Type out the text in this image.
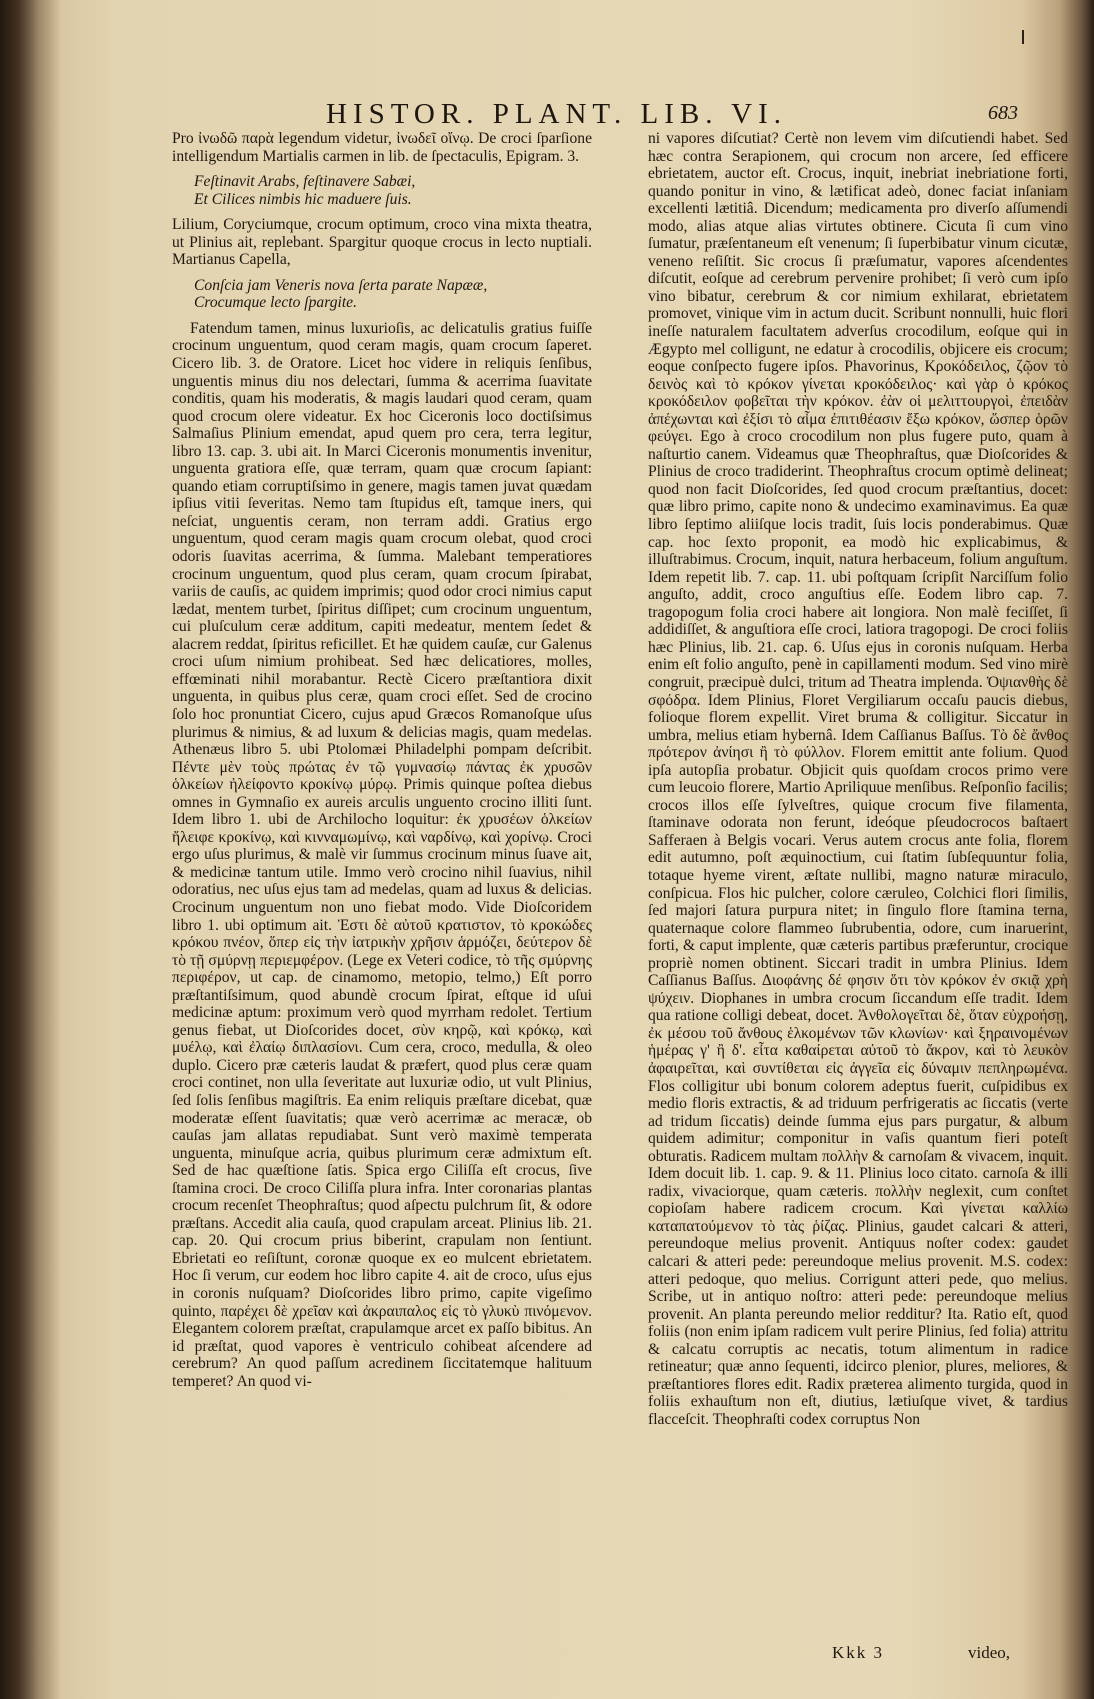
HISTOR. PLANT. LIB. VI.	683

Pro ἰνωδῶ παρὰ legendum videtur, ἰνωδεῖ οἴνῳ. De croci ſparſione intelligendum Martialis carmen in lib. de ſpectaculis, Epigram. 3.

Feſtinavit Arabs, feſtinavere Sabæi,
Et Cilices nimbis hic maduere ſuis.

Lilium, Coryciumque, crocum optimum, croco vina mixta theatra, ut Plinius ait, replebant. Spargitur quoque crocus in lecto nuptiali. Martianus Capella,

Conſcia jam Veneris nova ſerta parate Napææ,
Crocumque lecto ſpargite.

Fatendum tamen, minus luxurioſis, ac delicatulis gratius fuiſſe crocinum unguentum, quod ceram magis, quam crocum ſaperet. Cicero lib. 3. de Oratore. Licet hoc videre in reliquis ſenſibus, unguentis minus diu nos delectari, ſumma & acerrima ſuavitate conditis, quam his moderatis, & magis laudari quod ceram, quam quod crocum olere videatur. Ex hoc Ciceronis loco doctiſsimus Salmaſius Plinium emendat, apud quem pro cera, terra legitur, libro 13. cap. 3. ubi ait. In Marci Ciceronis monumentis invenitur, unguenta gratiora eſſe, quæ terram, quam quæ crocum ſapiant: quando etiam corruptiſsimo in genere, magis tamen juvat quædam ipſius vitii ſeveritas. Nemo tam ſtupidus eſt, tamque iners, qui neſciat, unguentis ceram, non terram addi. Gratius ergo unguentum, quod ceram magis quam crocum olebat, quod croci odoris ſuavitas acerrima, & ſumma. Malebant temperatiores crocinum unguentum, quod plus ceram, quam crocum ſpirabat, variis de cauſis, ac quidem imprimis; quod odor croci nimius caput lædat, mentem turbet, ſpiritus diſſipet; cum crocinum unguentum, cui pluſculum ceræ additum, capiti medeatur, mentem ſedet & alacrem reddat, ſpiritus reficillet. Et hæ quidem cauſæ, cur Galenus croci uſum nimium prohibeat. Sed hæc delicatiores, molles, effœminati nihil morabantur. Rectè Cicero præſtantiora dixit unguenta, in quibus plus ceræ, quam croci eſſet. Sed de crocino ſolo hoc pronuntiat Cicero, cujus apud Græcos Romanoſque uſus plurimus & nimius, & ad luxum & delicias magis, quam medelas. Athenæus libro 5. ubi Ptolomæi Philadelphi pompam deſcribit. Πέντε μὲν τοὺς πρώτας ἐν τῷ γυμνασίῳ πάντας ἐκ χρυσῶν ὁλκείων ἠλείφοντο κροκίνῳ μύρῳ. Primis quinque poſtea diebus omnes in Gymnaſio ex aureis arculis unguento crocino illiti ſunt. Idem libro 1. ubi de Archilocho loquitur: ἐκ χρυσέων ὁλκείων ἤλειφε κροκίνῳ, καὶ κινναμωμίνῳ, καὶ ναρδίνῳ, καὶ χορίνῳ. Croci ergo uſus plurimus, & malè vir ſummus crocinum minus ſuave ait, & medicinæ tantum utile. Immo verò crocino nihil ſuavius, nihil odoratius, nec uſus ejus tam ad medelas, quam ad luxus & delicias. Crocinum unguentum non uno fiebat modo. Vide Dioſcoridem libro 1. ubi optimum ait. Ἐστι δὲ αὐτοῦ κρατιστον, τὸ κροκώδες κρόκου πνέον, ὅπερ εἰς τὴν ἰατρικὴν χρῆσιν ἁρμόζει, δεύτερον δὲ τὸ τῇ σμύρνῃ περιεμφέρον. (Lege ex Veteri codice, τὸ τῆς σμύρνης περιφέρον, ut cap. de cinamomo, metopio, telmo,) Eſt porro præſtantiſsimum, quod abundè crocum ſpirat, eſtque id uſui medicinæ aptum: proximum verò quod myrrham redolet. Tertium genus fiebat, ut Dioſcorides docet, σὺν κηρῷ, καὶ κρόκῳ, καὶ μυέλῳ, καὶ ἐλαίῳ διπλασίονι. Cum cera, croco, medulla, & oleo duplo. Cicero præ cæteris laudat & præfert, quod plus ceræ quam croci continet, non ulla ſeveritate aut luxuriæ odio, ut vult Plinius, ſed ſolis ſenſibus magiſtris. Ea enim reliquis præſtare dicebat, quæ moderatæ eſſent ſuavitatis; quæ verò acerrimæ ac meracæ, ob cauſas jam allatas repudiabat. Sunt verò maximè temperata unguenta, minuſque acria, quibus plurimum ceræ admixtum eſt. Sed de hac quæſtione ſatis. Spica ergo Ciliſſa eſt crocus, ſive ſtamina croci. De croco Ciliſſa plura infra. Inter coronarias plantas crocum recenſet Theophraſtus; quod aſpectu pulchrum ſit, & odore præſtans. Accedit alia cauſa, quod crapulam arceat. Plinius lib. 21. cap. 20. Qui crocum prius biberint, crapulam non ſentiunt. Ebrietati eo reſiſtunt, coronæ quoque ex eo mulcent ebrietatem. Hoc ſi verum, cur eodem hoc libro capite 4. ait de croco, uſus ejus in coronis nuſquam? Dioſcorides libro primo, capite vigeſimo quinto, παρέχει δὲ χρεῖαν καὶ ἀκραιπαλος εἰς τὸ γλυκὺ πινόμενον. Elegantem colorem præſtat, crapulamque arcet ex paſſo bibitus. An id præſtat, quod vapores è ventriculo cohibeat aſcendere ad cerebrum? An quod paſſum acredinem ſiccitatemque halituum temperet? An quod vi-

ni vapores diſcutiat? Certè non levem vim diſcutiendi habet. Sed hæc contra Serapionem, qui crocum non arcere, ſed efficere ebrietatem, auctor eſt. Crocus, inquit, inebriat inebriatione forti, quando ponitur in vino, & lætificat adeò, donec faciat inſaniam excellenti lætitiâ. Dicendum; medicamenta pro diverſo aſſumendi modo, alias atque alias virtutes obtinere. Cicuta ſi cum vino ſumatur, præſentaneum eſt venenum; ſi ſuperbibatur vinum cicutæ, veneno reſiſtit. Sic crocus ſi præſumatur, vapores aſcendentes diſcutit, eoſque ad cerebrum pervenire prohibet; ſi verò cum ipſo vino bibatur, cerebrum & cor nimium exhilarat, ebrietatem promovet, vinique vim in actum ducit. Scribunt nonnulli, huic flori ineſſe naturalem facultatem adverſus crocodilum, eoſque qui in Ægypto mel colligunt, ne edatur à crocodilis, objicere eis crocum; eoque conſpecto fugere ipſos. Phavorinus, Κροκόδειλος, ζῷον τὸ δεινὸς καὶ τὸ κρόκον γίνεται κροκόδειλος· καὶ γὰρ ὁ κρόκος κροκόδειλον φοβεῖται τὴν κρόκον. ἐὰν οἱ μελιττουργοὶ, ἐπειδὰν ἀπέχωνται καὶ ἐξίσι τὸ αἷμα ἐπιτιθέασιν ἔξω κρόκον, ὥσπερ ὁρῶν φεύγει. Ego à croco crocodilum non plus fugere puto, quam à naſturtio canem. Videamus quæ Theophraſtus, quæ Dioſcorides & Plinius de croco tradiderint. Theophraſtus crocum optimè delineat; quod non facit Dioſcorides, ſed quod crocum præſtantius, docet: quæ libro primo, capite nono & undecimo examinavimus. Ea quæ libro ſeptimo aliiſque locis tradit, ſuis locis ponderabimus. Quæ cap. hoc ſexto proponit, ea modò hic explicabimus, & illuſtrabimus. Crocum, inquit, natura herbaceum, folium anguſtum. Idem repetit lib. 7. cap. 11. ubi poſtquam ſcripſit Narciſſum folio anguſto, addit, croco anguſtius eſſe. Eodem libro cap. 7. tragopogum folia croci habere ait longiora. Non malè feciſſet, ſi addidiſſet, & anguſtiora eſſe croci, latiora tragopogi. De croci foliis hæc Plinius, lib. 21. cap. 6. Uſus ejus in coronis nuſquam. Herba enim eſt folio anguſto, penè in capillamenti modum. Sed vino mirè congruit, præcipuè dulci, tritum ad Theatra implenda. Ὀψιανθὴς δὲ σφόδρα. Idem Plinius, Floret Vergiliarum occaſu paucis diebus, folioque florem expellit. Viret bruma & colligitur. Siccatur in umbra, melius etiam hybernâ. Idem Caſſianus Baſſus. Τὸ δὲ ἄνθος πρότερον ἀνίησι ἢ τὸ φύλλον. Florem emittit ante folium. Quod ipſa autopſia probatur. Objicit quis quoſdam crocos primo vere cum leucoio florere, Martio Apriliquue menſibus. Reſponſio facilis; crocos illos eſſe ſylveſtres, quique crocum five filamenta, ſtaminave odorata non ferunt, ideóque pſeudocrocos baſtaert Safferaen à Belgis vocari. Verus autem crocus ante folia, florem edit autumno, poſt æquinoctium, cui ſtatim ſubſequuntur folia, totaque hyeme virent, æſtate nullibi, magno naturæ miraculo, conſpicua. Flos hic pulcher, colore cæruleo, Colchici flori ſimilis, ſed majori ſatura purpura nitet; in ſingulo flore ſtamina terna, quaternaque colore flammeo ſubrubentia, odore, cum inaruerint, forti, & caput implente, quæ cæteris partibus præferuntur, crocique propriè nomen obtinent. Siccari tradit in umbra Plinius. Idem Caſſianus Baſſus. Διοφάνης δέ φησιν ὅτι τὸν κρόκον ἐν σκιᾷ χρὴ ψύχειν. Diophanes in umbra crocum ſiccandum eſſe tradit. Idem qua ratione colligi debeat, docet. Ἀνθολογεῖται δὲ, ὅταν εὐχροήσῃ, ἐκ μέσου τοῦ ἄνθους ἑλκομένων τῶν κλωνίων· καὶ ξηραινομένων ἡμέρας γ' ἢ δ'. εἶτα καθαίρεται αὐτοῦ τὸ ἄκρον, καὶ τὸ λευκὸν ἀφαιρεῖται, καὶ συντίθεται εἰς ἀγγεῖα εἰς δύναμιν πεπληρωμένα. Flos colligitur ubi bonum colorem adeptus fuerit, cuſpidibus ex medio floris extractis, & ad triduum perfrigeratis ac ſiccatis (verte ad tridum ſiccatis) deinde ſumma ejus pars purgatur, & album quidem adimitur; componitur in vaſis quantum fieri poteſt obturatis. Radicem multam πολλὴν & carnoſam & vivacem, inquit. Idem docuit lib. 1. cap. 9. & 11. Plinius loco citato. carnoſa & illi radix, vivaciorque, quam cæteris. πολλὴν neglexit, cum conſtet copioſam habere radicem crocum. Καὶ γίνεται καλλίω καταπατούμενον τὸ τὰς ῥίζας. Plinius, gaudet calcari & atteri, pereundoque melius provenit. Antiquus noſter codex: gaudet calcari & atteri pede: pereundoque melius provenit. M.S. codex: atteri pedoque, quo melius. Corrigunt atteri pede, quo melius. Scribe, ut in antiquo noſtro: atteri pede: pereundoque melius provenit. An planta pereundo melior redditur? Ita. Ratio eſt, quod foliis (non enim ipſam radicem vult perire Plinius, ſed folia) attritu & calcatu corruptis ac necatis, totum alimentum in radice retineatur; quæ anno ſequenti, idcirco plenior, plures, meliores, & præſtantiores flores edit. Radix præterea alimento turgida, quod in foliis exhauſtum non eſt, diutius, lætiuſque vivet, & tardius flacceſcit. Theophraſti codex corruptus Non

Kkk 3	video,
